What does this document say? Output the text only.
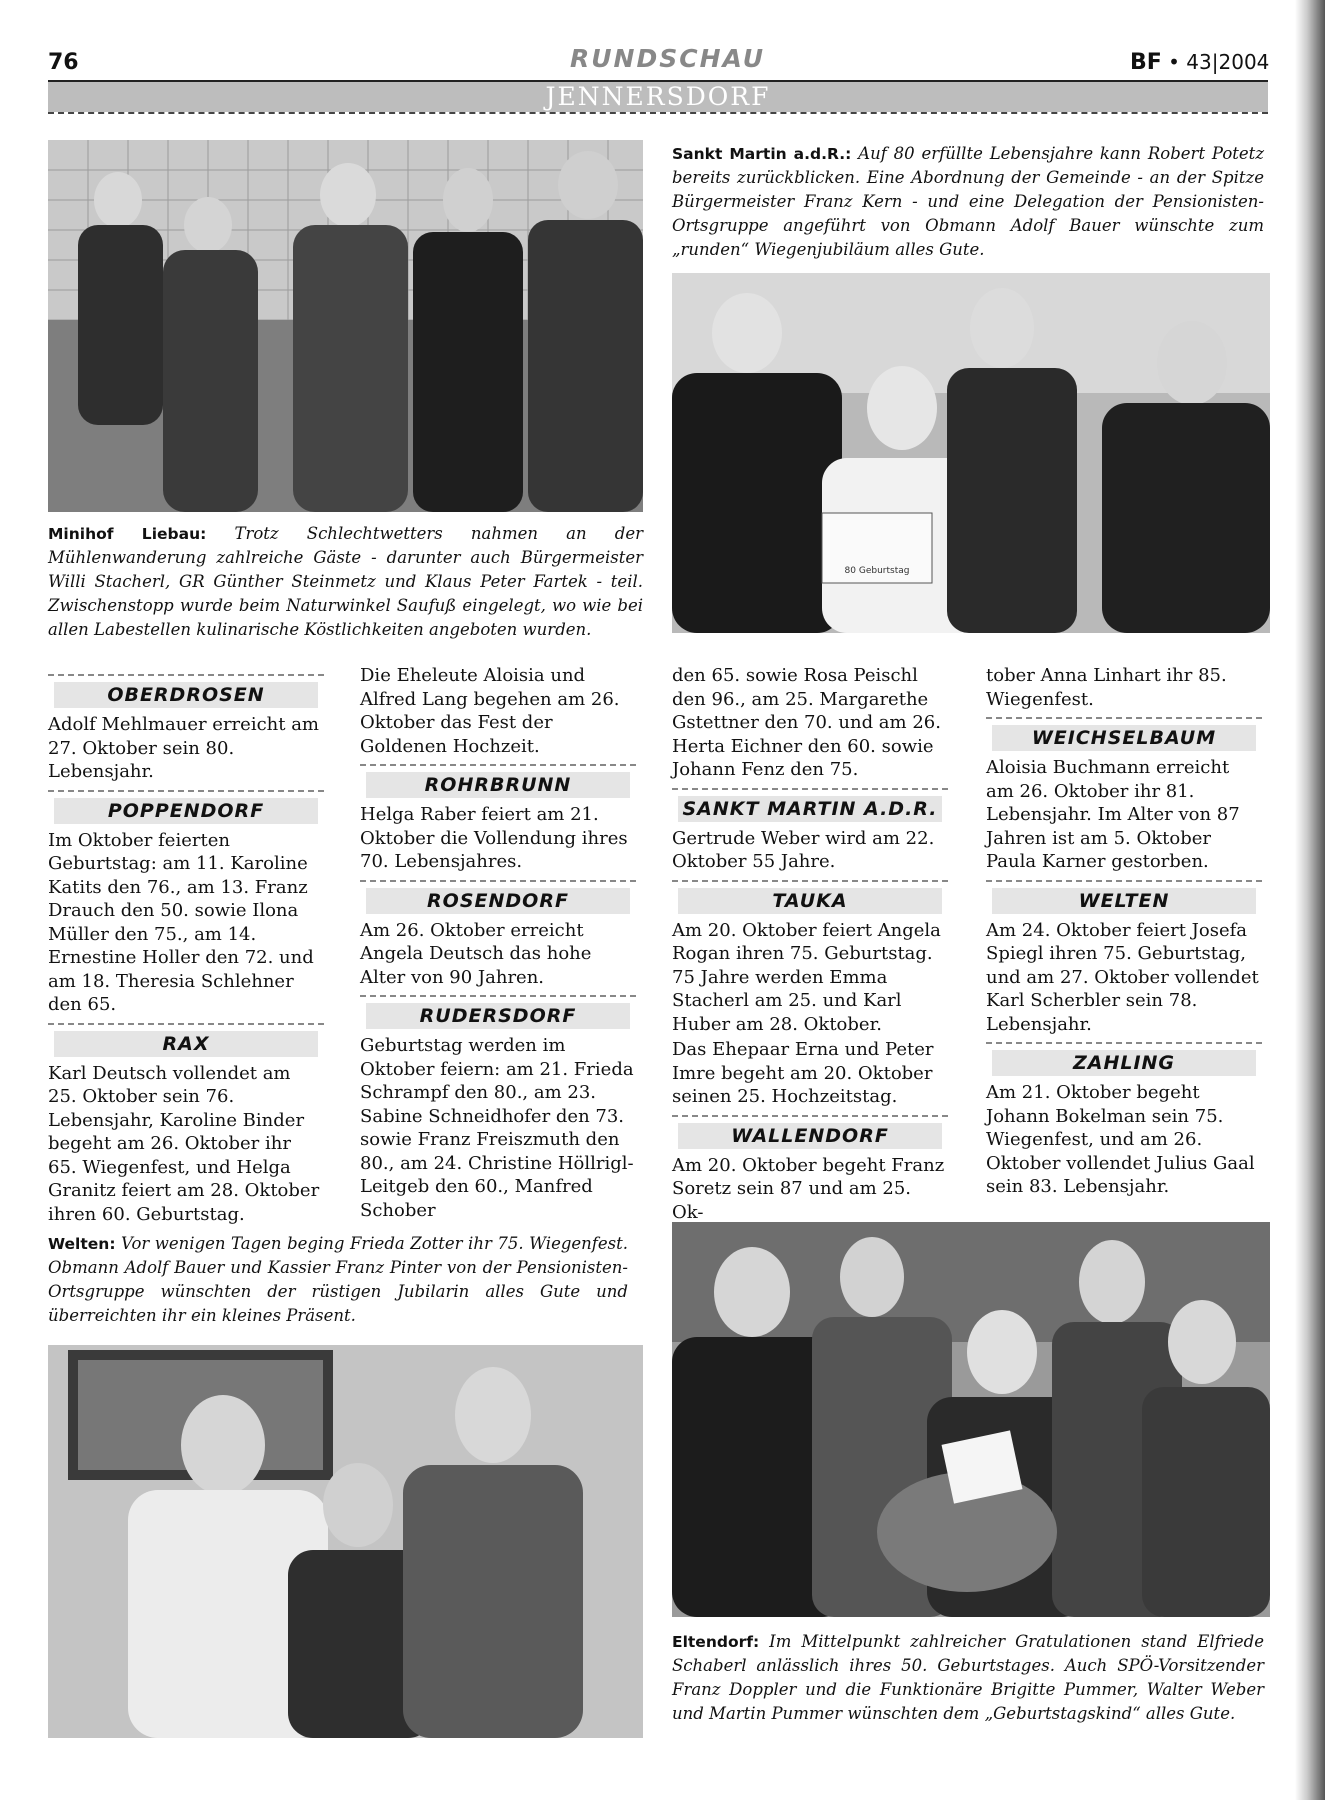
76	RUNDSCHAU	BF • 43|2004
JENNERSDORF
Minihof Liebau: Trotz Schlechtwetters nahmen an der Mühlenwanderung zahlreiche Gäste - darunter auch Bürgermeister Willi Stacherl, GR Günther Steinmetz und Klaus Peter Fartek - teil. Zwischenstopp wurde beim Naturwinkel Saufuß eingelegt, wo wie bei allen Labestellen kulinarische Köstlichkeiten angeboten wurden.
Sankt Martin a.d.R.: Auf 80 erfüllte Lebensjahre kann Robert Potetz bereits zurückblicken. Eine Abordnung der Gemeinde - an der Spitze Bürgermeister Franz Kern - und eine Delegation der Pensionisten-Ortsgruppe angeführt von Obmann Adolf Bauer wünschte zum „runden“ Wiegenjubiläum alles Gute.
80 Geburtstag
OBERDROSEN

Adolf Mehlmauer erreicht am 27. Oktober sein 80. Lebensjahr.

POPPENDORF

Im Oktober feierten Geburtstag: am 11. Karoline Katits den 76., am 13. Franz Drauch den 50. sowie Ilona Müller den 75., am 14. Ernestine Holler den 72. und am 18. Theresia Schlehner den 65.

RAX

Karl Deutsch vollendet am 25. Oktober sein 76. Lebensjahr, Karoline Binder begeht am 26. Oktober ihr 65. Wiegenfest, und Helga Granitz feiert am 28. Oktober ihren 60. Geburtstag.

Die Eheleute Aloisia und Alfred Lang begehen am 26. Oktober das Fest der Goldenen Hochzeit.

ROHRBRUNN

Helga Raber feiert am 21. Oktober die Vollendung ihres 70. Lebensjahres.

ROSENDORF

Am 26. Oktober erreicht Angela Deutsch das hohe Alter von 90 Jahren.

RUDERSDORF

Geburtstag werden im Oktober feiern: am 21. Frieda Schrampf den 80., am 23. Sabine Schneidhofer den 73. sowie Franz Freiszmuth den 80., am 24. Christine Höllrigl-Leitgeb den 60., Manfred Schober

den 65. sowie Rosa Peischl den 96., am 25. Margarethe Gstettner den 70. und am 26. Herta Eichner den 60. sowie Johann Fenz den 75.

SANKT MARTIN A.D.R.

Gertrude Weber wird am 22. Oktober 55 Jahre.

TAUKA

Am 20. Oktober feiert Angela Rogan ihren 75. Geburtstag. 75 Jahre werden Emma Stacherl am 25. und Karl Huber am 28. Oktober.

Das Ehepaar Erna und Peter Imre begeht am 20. Oktober seinen 25. Hochzeitstag.

WALLENDORF

Am 20. Oktober begeht Franz Soretz sein 87 und am 25. Ok-

tober Anna Linhart ihr 85. Wiegenfest.

WEICHSELBAUM

Aloisia Buchmann erreicht am 26. Oktober ihr 81. Lebensjahr. Im Alter von 87 Jahren ist am 5. Oktober Paula Karner gestorben.

WELTEN

Am 24. Oktober feiert Josefa Spiegl ihren 75. Geburtstag, und am 27. Oktober vollendet Karl Scherbler sein 78. Lebensjahr.

ZAHLING

Am 21. Oktober begeht Johann Bokelman sein 75. Wiegenfest, und am 26. Oktober vollendet Julius Gaal sein 83. Lebensjahr.

Welten: Vor wenigen Tagen beging Frieda Zotter ihr 75. Wiegenfest. Obmann Adolf Bauer und Kassier Franz Pinter von der Pensionisten-Ortsgruppe wünschten der rüstigen Jubilarin alles Gute und überreichten ihr ein kleines Präsent.
Eltendorf: Im Mittelpunkt zahlreicher Gratulationen stand Elfriede Schaberl anlässlich ihres 50. Geburtstages. Auch SPÖ-Vorsitzender Franz Doppler und die Funktionäre Brigitte Pummer, Walter Weber und Martin Pummer wünschten dem „Geburtstagskind“ alles Gute.
